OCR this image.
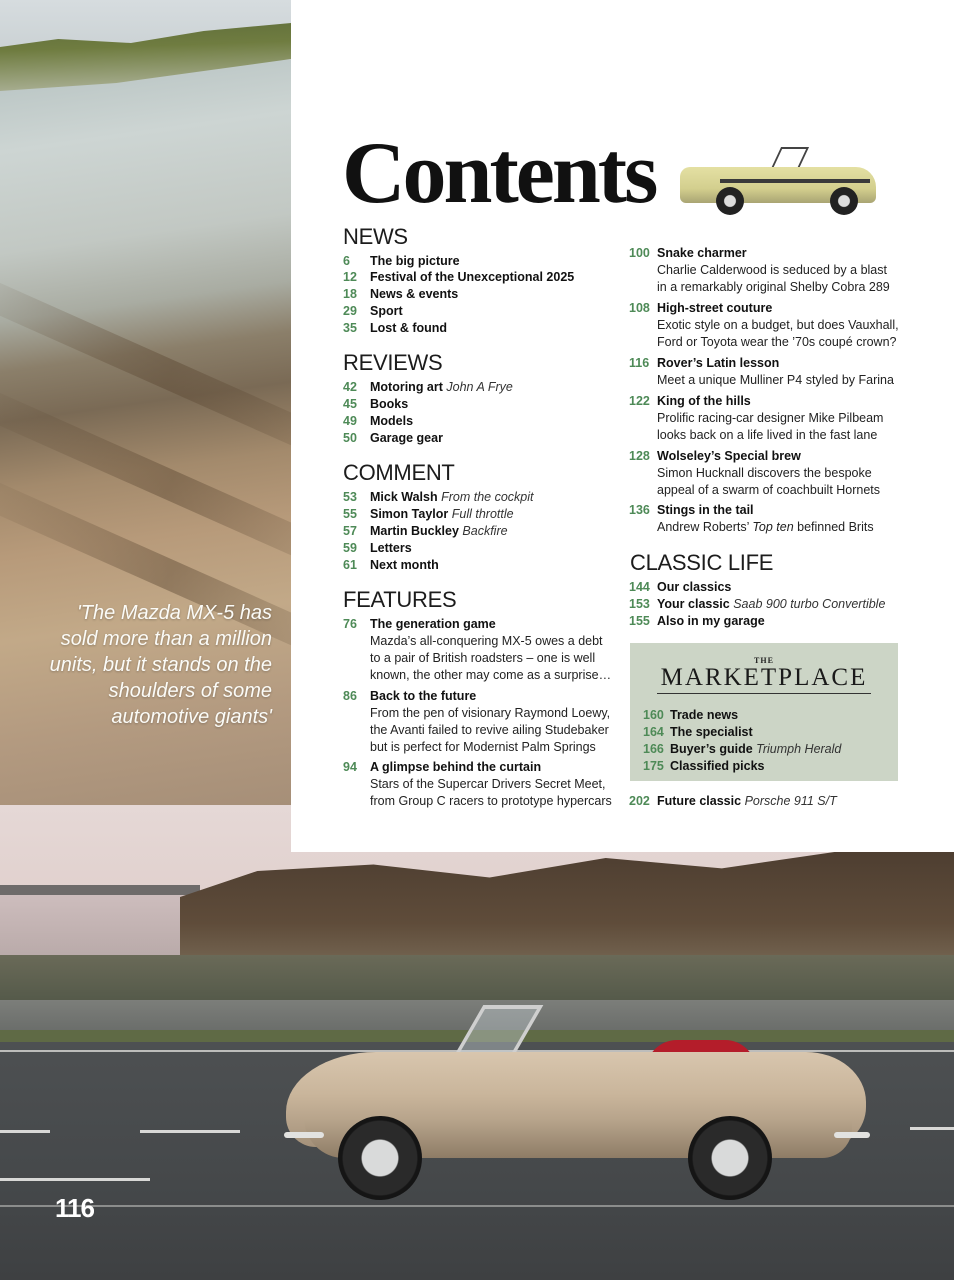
Contents
NEWS
6 The big picture
12 Festival of the Unexceptional 2025
18 News & events
29 Sport
35 Lost & found
REVIEWS
42 Motoring art John A Frye
45 Books
49 Models
50 Garage gear
COMMENT
53 Mick Walsh From the cockpit
55 Simon Taylor Full throttle
57 Martin Buckley Backfire
59 Letters
61 Next month
FEATURES
76	The generation game
Mazda’s all-conquering MX-5 owes a debt
to a pair of British roadsters – one is well
known, the other may come as a surprise…
86	Back to the future
From the pen of visionary Raymond Loewy,
the Avanti failed to revive ailing Studebaker
but is perfect for Modernist Palm Springs
94	A glimpse behind the curtain
Stars of the Supercar Drivers Secret Meet,
from Group C racers to prototype hypercars
100 Snake charmer
Charlie Calderwood is seduced by a blast
in a remarkably original Shelby Cobra 289
108 High-street couture
Exotic style on a budget, but does Vauxhall,
Ford or Toyota wear the ’70s coupé crown?
116 Rover’s Latin lesson
Meet a unique Mulliner P4 styled by Farina
122 King of the hills
Prolific racing-car designer Mike Pilbeam
looks back on a life lived in the fast lane
128 Wolseley’s Special brew
Simon Hucknall discovers the bespoke
appeal of a swarm of coachbuilt Hornets
136 Stings in the tail
Andrew Roberts’ Top ten befinned Brits
CLASSIC LIFE
144 Our classics
153 Your classic Saab 900 turbo Convertible
155 Also in my garage
THE
MARKETPLACE
160 Trade news
164 The specialist
166 Buyer’s guide Triumph Herald
175 Classified picks
202 Future classic Porsche 911 S/T
'The Mazda MX-5 has sold more than a million units, but it stands on the shoulders of some automotive giants'
116
